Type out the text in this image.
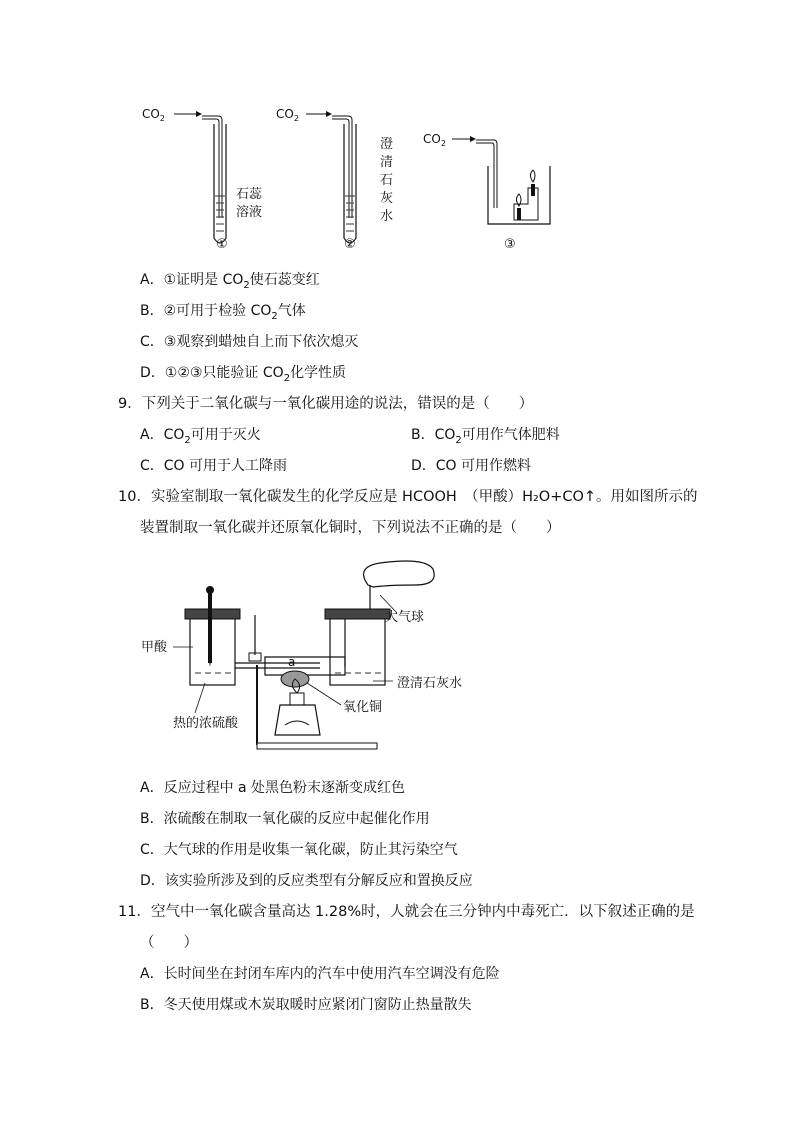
$CO_2$
石蕊
溶液
①
$CO_2$
澄
清
石
灰
水
②
$CO_2$
③
A．①证明是 $CO_2$使石蕊变红
B．②可用于检验 $CO_2$气体
C．③观察到蜡烛自上而下依次熄灭
D．①②③只能验证 $CO_2$化学性质
9．下列关于二氧化碳与一氧化碳用途的说法，错误的是（　　）
A．$CO_2$可用于灭火	B．$CO_2$可用作气体肥料
C．CO 可用于人工降雨	D．CO 可用作燃料
10．实验室制取一氧化碳发生的化学反应是 HCOOH　（甲酸）H₂O+CO↑。用如图所示的
装置制取一氧化碳并还原氧化铜时，下列说法不正确的是（　　）
大气球
甲酸
a
澄清石灰水
氧化铜
热的浓硫酸
A．反应过程中 a 处黑色粉末逐渐变成红色
B．浓硫酸在制取一氧化碳的反应中起催化作用
C．大气球的作用是收集一氧化碳，防止其污染空气
D．该实验所涉及到的反应类型有分解反应和置换反应
11．空气中一氧化碳含量高达 1.28%时，人就会在三分钟内中毒死亡．以下叙述正确的是
（　　）
A．长时间坐在封闭车库内的汽车中使用汽车空调没有危险
B．冬天使用煤或木炭取暖时应紧闭门窗防止热量散失
